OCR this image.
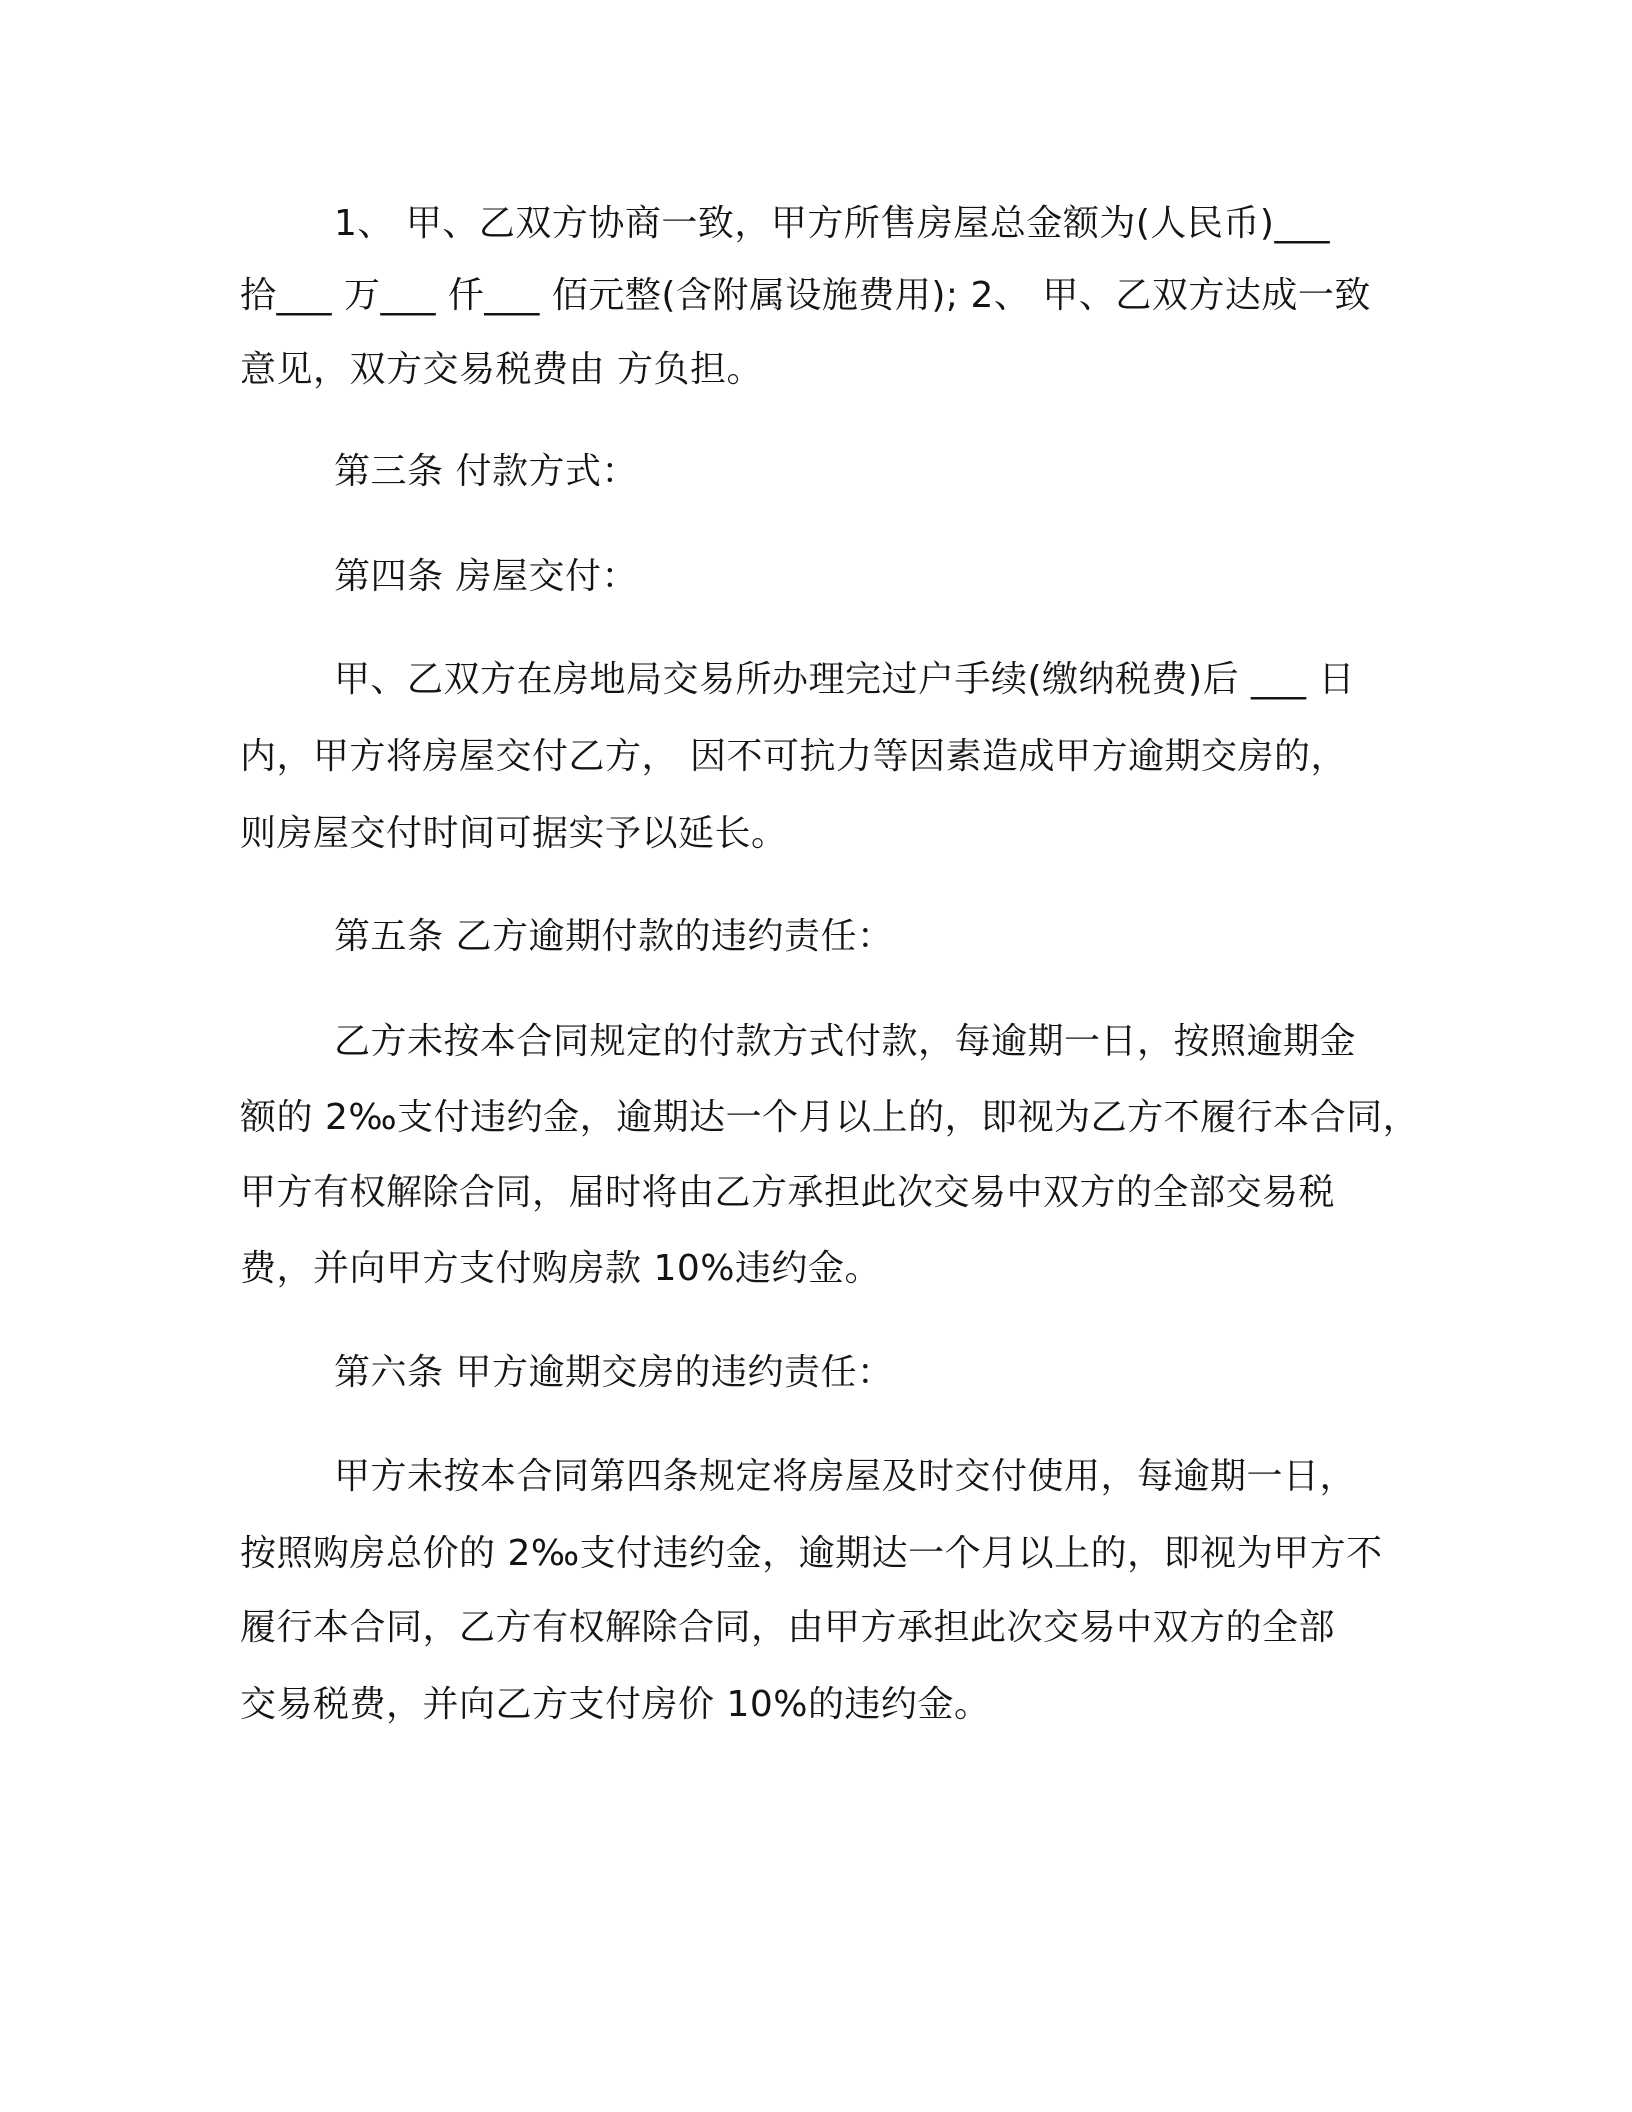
1、 甲、乙双方协商一致，甲方所售房屋总金额为(人民币)___
拾___ 万___ 仟___ 佰元整(含附属设施费用); 2、 甲、乙双方达成一致
意见，双方交易税费由 方负担。
第三条 付款方式：
第四条 房屋交付：
甲、乙双方在房地局交易所办理完过户手续(缴纳税费)后 ___ 日
内，甲方将房屋交付乙方， 因不可抗力等因素造成甲方逾期交房的，
则房屋交付时间可据实予以延长。
第五条 乙方逾期付款的违约责任：
乙方未按本合同规定的付款方式付款，每逾期一日，按照逾期金
额的 2‰支付违约金，逾期达一个月以上的，即视为乙方不履行本合同，
甲方有权解除合同，届时将由乙方承担此次交易中双方的全部交易税
费，并向甲方支付购房款 10%违约金。
第六条 甲方逾期交房的违约责任：
甲方未按本合同第四条规定将房屋及时交付使用，每逾期一日，
按照购房总价的 2‰支付违约金，逾期达一个月以上的，即视为甲方不
履行本合同，乙方有权解除合同，由甲方承担此次交易中双方的全部
交易税费，并向乙方支付房价 10%的违约金。
